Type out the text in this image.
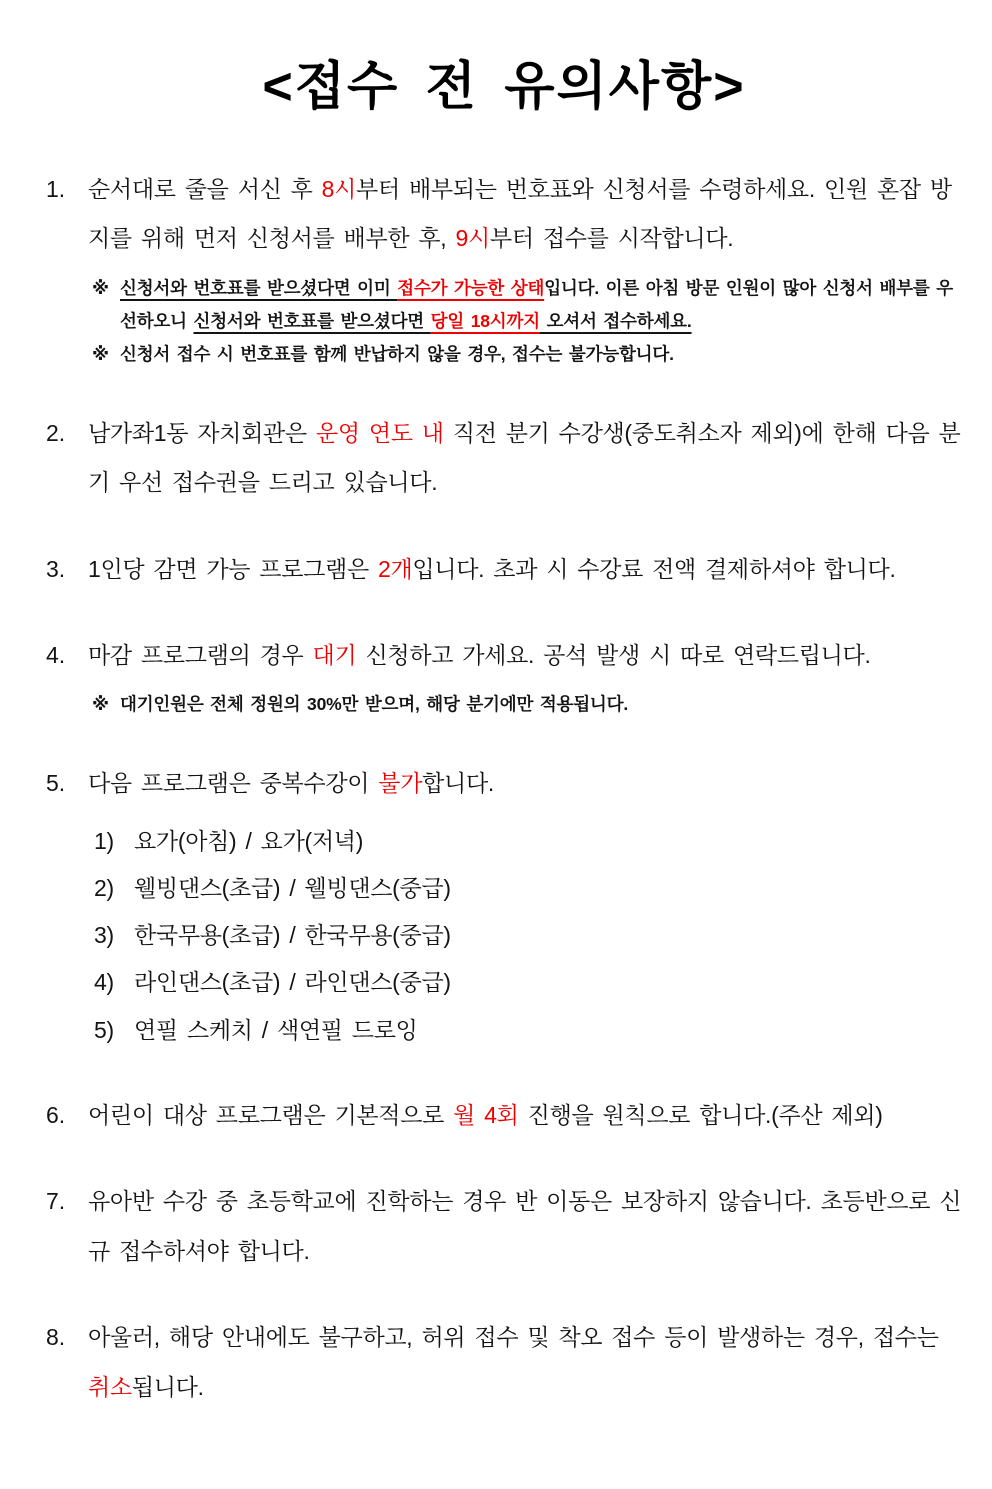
<접수 전 유의사항>
1. 순서대로 줄을 서신 후 8시부터 배부되는 번호표와 신청서를 수령하세요. 인원 혼잡 방지를 위해 먼저 신청서를 배부한 후, 9시부터 접수를 시작합니다.

※ 신청서와 번호표를 받으셨다면 이미 접수가 가능한 상태입니다. 이른 아침 방문 인원이 많아 신청서 배부를 우선하오니 신청서와 번호표를 받으셨다면 당일 18시까지 오셔서 접수하세요.
※ 신청서 접수 시 번호표를 함께 반납하지 않을 경우, 접수는 불가능합니다.
2. 남가좌1동 자치회관은 운영 연도 내 직전 분기 수강생(중도취소자 제외)에 한해 다음 분기 우선 접수권을 드리고 있습니다.

3. 1인당 감면 가능 프로그램은 2개입니다. 초과 시 수강료 전액 결제하셔야 합니다.

4. 마감 프로그램의 경우 대기 신청하고 가세요. 공석 발생 시 따로 연락드립니다.

※ 대기인원은 전체 정원의 30%만 받으며, 해당 분기에만 적용됩니다.
5. 다음 프로그램은 중복수강이 불가합니다.

1) 요가(아침) / 요가(저녁)
2) 웰빙댄스(초급) / 웰빙댄스(중급)
3) 한국무용(초급) / 한국무용(중급)
4) 라인댄스(초급) / 라인댄스(중급)
5) 연필 스케치 / 색연필 드로잉
6. 어린이 대상 프로그램은 기본적으로 월 4회 진행을 원칙으로 합니다.(주산 제외)

7. 유아반 수강 중 초등학교에 진학하는 경우 반 이동은 보장하지 않습니다. 초등반으로 신규 접수하셔야 합니다.

8. 아울러, 해당 안내에도 불구하고, 허위 접수 및 착오 접수 등이 발생하는 경우, 접수는 취소됩니다.
